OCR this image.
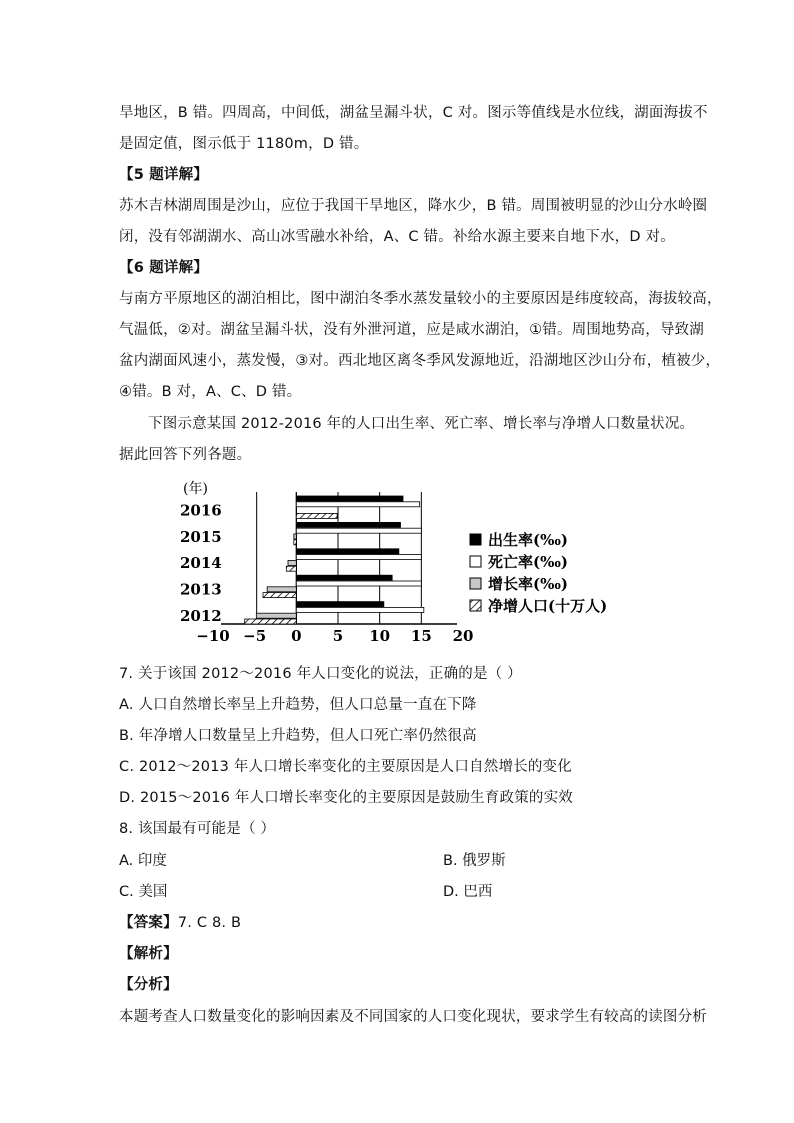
旱地区，B 错。四周高，中间低，湖盆呈漏斗状，C 对。图示等值线是水位线，湖面海拔不
是固定值，图示低于 1180m，D 错。
【5 题详解】
苏木吉林湖周围是沙山，应位于我国干旱地区，降水少，B 错。周围被明显的沙山分水岭圈
闭，没有邻湖湖水、高山冰雪融水补给，A、C 错。补给水源主要来自地下水，D 对。
【6 题详解】
与南方平原地区的湖泊相比，图中湖泊冬季水蒸发量较小的主要原因是纬度较高，海拔较高，
气温低，②对。湖盆呈漏斗状，没有外泄河道，应是咸水湖泊，①错。周围地势高，导致湖
盆内湖面风速小，蒸发慢，③对。西北地区离冬季风发源地近，沿湖地区沙山分布，植被少，
④错。B 对，A、C、D 错。
下图示意某国 2012-2016 年的人口出生率、死亡率、增长率与净增人口数量状况。
据此回答下列各题。
(年)
−10 −5 0 5 10 15 20
2012
2013
2014
2015
2016
出生率(‰)
死亡率(‰)
增长率(‰)
净增人口(十万人)
7. 关于该国 2012～2016 年人口变化的说法，正确的是（ ）
A. 人口自然增长率呈上升趋势，但人口总量一直在下降
B. 年净增人口数量呈上升趋势，但人口死亡率仍然很高
C. 2012～2013 年人口增长率变化的主要原因是人口自然增长的变化
D. 2015～2016 年人口增长率变化的主要原因是鼓励生育政策的实效
8. 该国最有可能是（ ）
A. 印度	B. 俄罗斯
C. 美国	D. 巴西
【答案】7. C 8. B
【解析】
【分析】
本题考查人口数量变化的影响因素及不同国家的人口变化现状，要求学生有较高的读图分析
